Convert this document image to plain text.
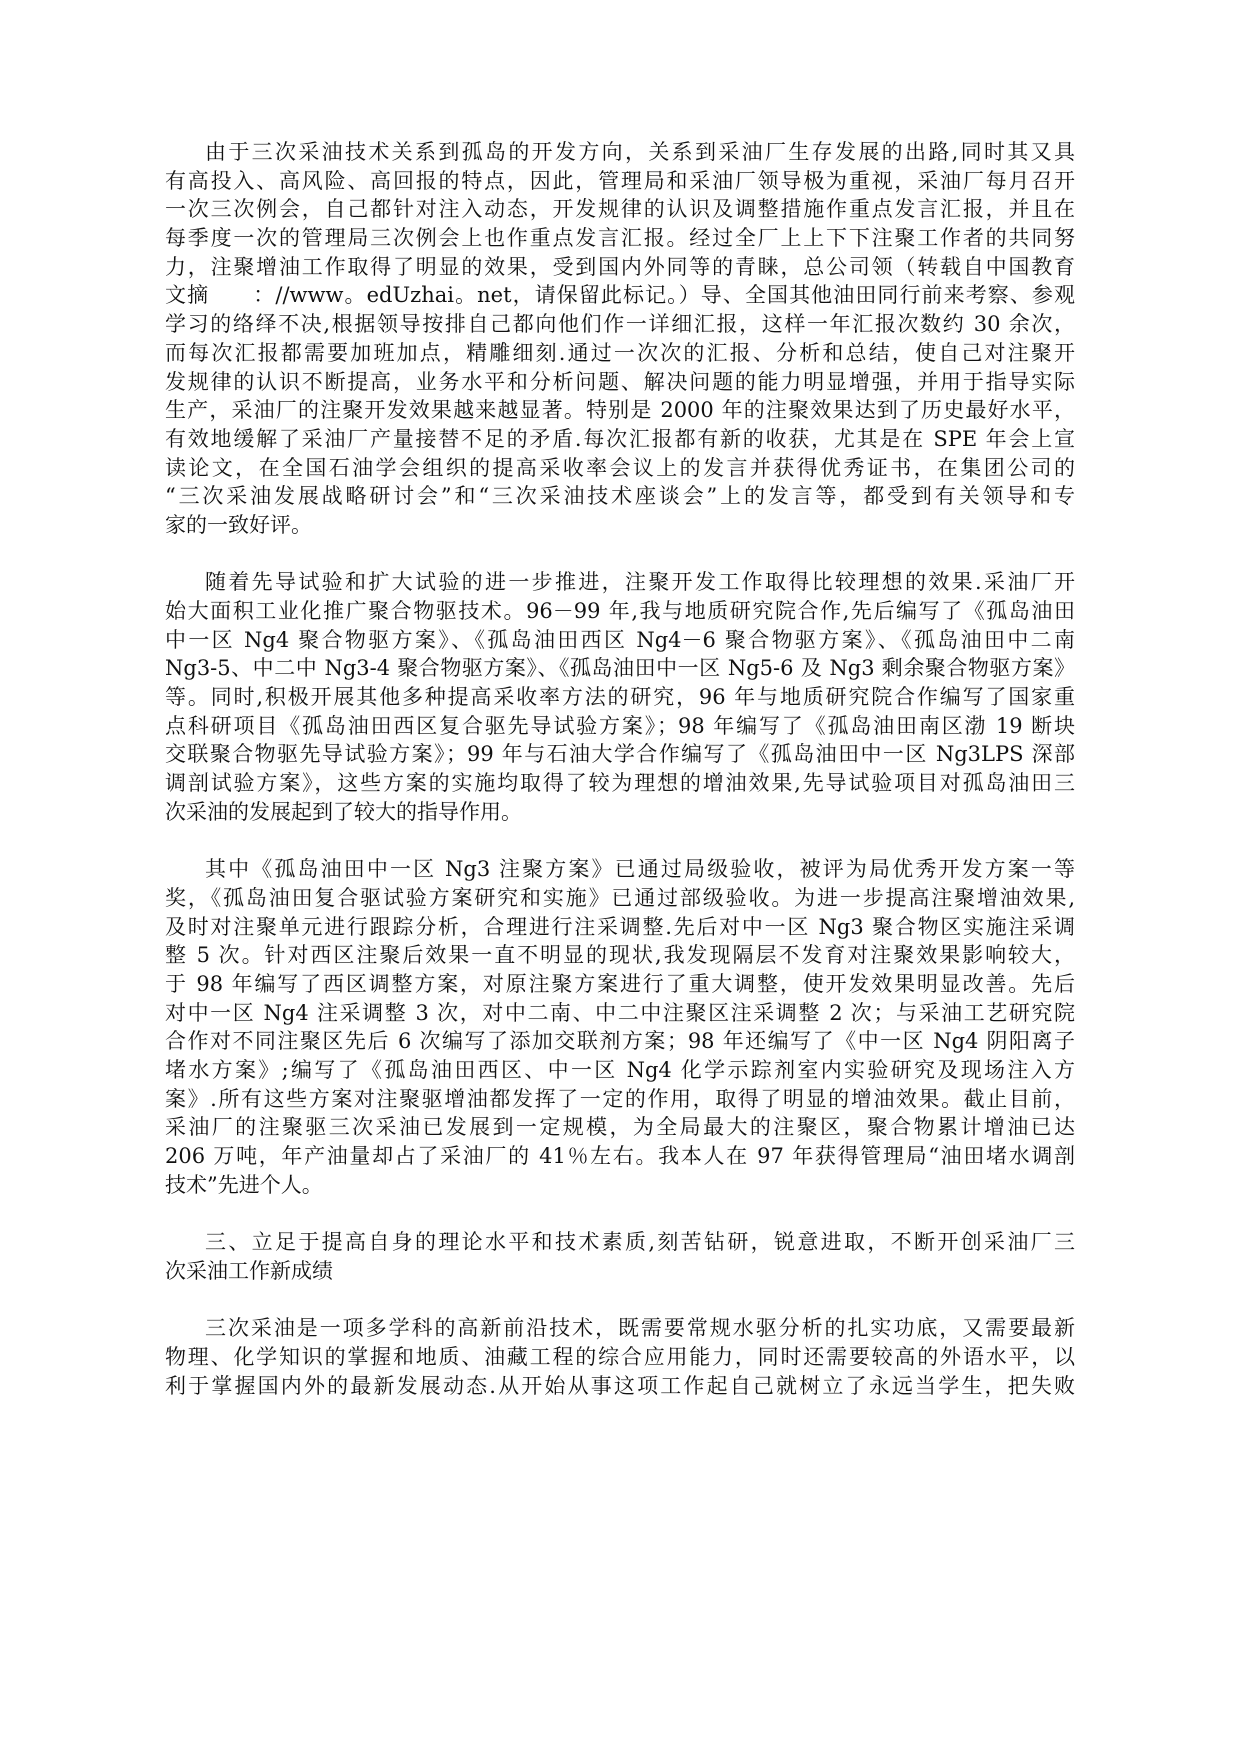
由于三次采油技术关系到孤岛的开发方向，关系到采油厂生存发展的出路,同时其又具
有高投入、高风险、高回报的特点，因此，管理局和采油厂领导极为重视，采油厂每月召开
一次三次例会，自己都针对注入动态，开发规律的认识及调整措施作重点发言汇报，并且在
每季度一次的管理局三次例会上也作重点发言汇报。经过全厂上上下下注聚工作者的共同努
力，注聚增油工作取得了明显的效果，受到国内外同等的青睐，总公司领（转载自中国教育
文摘　　：//www。edUzhai。net，请保留此标记。）导、全国其他油田同行前来考察、参观
学习的络绎不决,根据领导按排自己都向他们作一详细汇报，这样一年汇报次数约 30 余次，
而每次汇报都需要加班加点，精雕细刻.通过一次次的汇报、分析和总结，使自己对注聚开
发规律的认识不断提高，业务水平和分析问题、解决问题的能力明显增强，并用于指导实际
生产，采油厂的注聚开发效果越来越显著。特别是 2000 年的注聚效果达到了历史最好水平，
有效地缓解了采油厂产量接替不足的矛盾.每次汇报都有新的收获，尤其是在 SPE 年会上宣
读论文，在全国石油学会组织的提高采收率会议上的发言并获得优秀证书，在集团公司的
“三次采油发展战略研讨会”和“三次采油技术座谈会”上的发言等，都受到有关领导和专
家的一致好评。
随着先导试验和扩大试验的进一步推进，注聚开发工作取得比较理想的效果.采油厂开
始大面积工业化推广聚合物驱技术。96－99 年,我与地质研究院合作,先后编写了《孤岛油田
中一区 Ng4 聚合物驱方案》、《孤岛油田西区 Ng4－6 聚合物驱方案》、《孤岛油田中二南
Ng3-5、中二中 Ng3-4 聚合物驱方案》、《孤岛油田中一区 Ng5-6 及 Ng3 剩余聚合物驱方案》
等。同时,积极开展其他多种提高采收率方法的研究，96 年与地质研究院合作编写了国家重
点科研项目《孤岛油田西区复合驱先导试验方案》；98 年编写了《孤岛油田南区渤 19 断块
交联聚合物驱先导试验方案》；99 年与石油大学合作编写了《孤岛油田中一区 Ng3LPS 深部
调剖试验方案》，这些方案的实施均取得了较为理想的增油效果,先导试验项目对孤岛油田三
次采油的发展起到了较大的指导作用。
其中《孤岛油田中一区 Ng3 注聚方案》已通过局级验收，被评为局优秀开发方案一等
奖，《孤岛油田复合驱试验方案研究和实施》已通过部级验收。为进一步提高注聚增油效果,
及时对注聚单元进行跟踪分析，合理进行注采调整.先后对中一区 Ng3 聚合物区实施注采调
整 5 次。针对西区注聚后效果一直不明显的现状,我发现隔层不发育对注聚效果影响较大，
于 98 年编写了西区调整方案，对原注聚方案进行了重大调整，使开发效果明显改善。先后
对中一区 Ng4 注采调整 3 次，对中二南、中二中注聚区注采调整 2 次；与采油工艺研究院
合作对不同注聚区先后 6 次编写了添加交联剂方案；98 年还编写了《中一区 Ng4 阴阳离子
堵水方案》;编写了《孤岛油田西区、中一区 Ng4 化学示踪剂室内实验研究及现场注入方
案》.所有这些方案对注聚驱增油都发挥了一定的作用，取得了明显的增油效果。截止目前，
采油厂的注聚驱三次采油已发展到一定规模，为全局最大的注聚区，聚合物累计增油已达
206 万吨，年产油量却占了采油厂的 41％左右。我本人在 97 年获得管理局“油田堵水调剖
技术”先进个人。
三、立足于提高自身的理论水平和技术素质,刻苦钻研，锐意进取，不断开创采油厂三
次采油工作新成绩
三次采油是一项多学科的高新前沿技术，既需要常规水驱分析的扎实功底，又需要最新
物理、化学知识的掌握和地质、油藏工程的综合应用能力，同时还需要较高的外语水平，以
利于掌握国内外的最新发展动态.从开始从事这项工作起自己就树立了永远当学生，把失败
